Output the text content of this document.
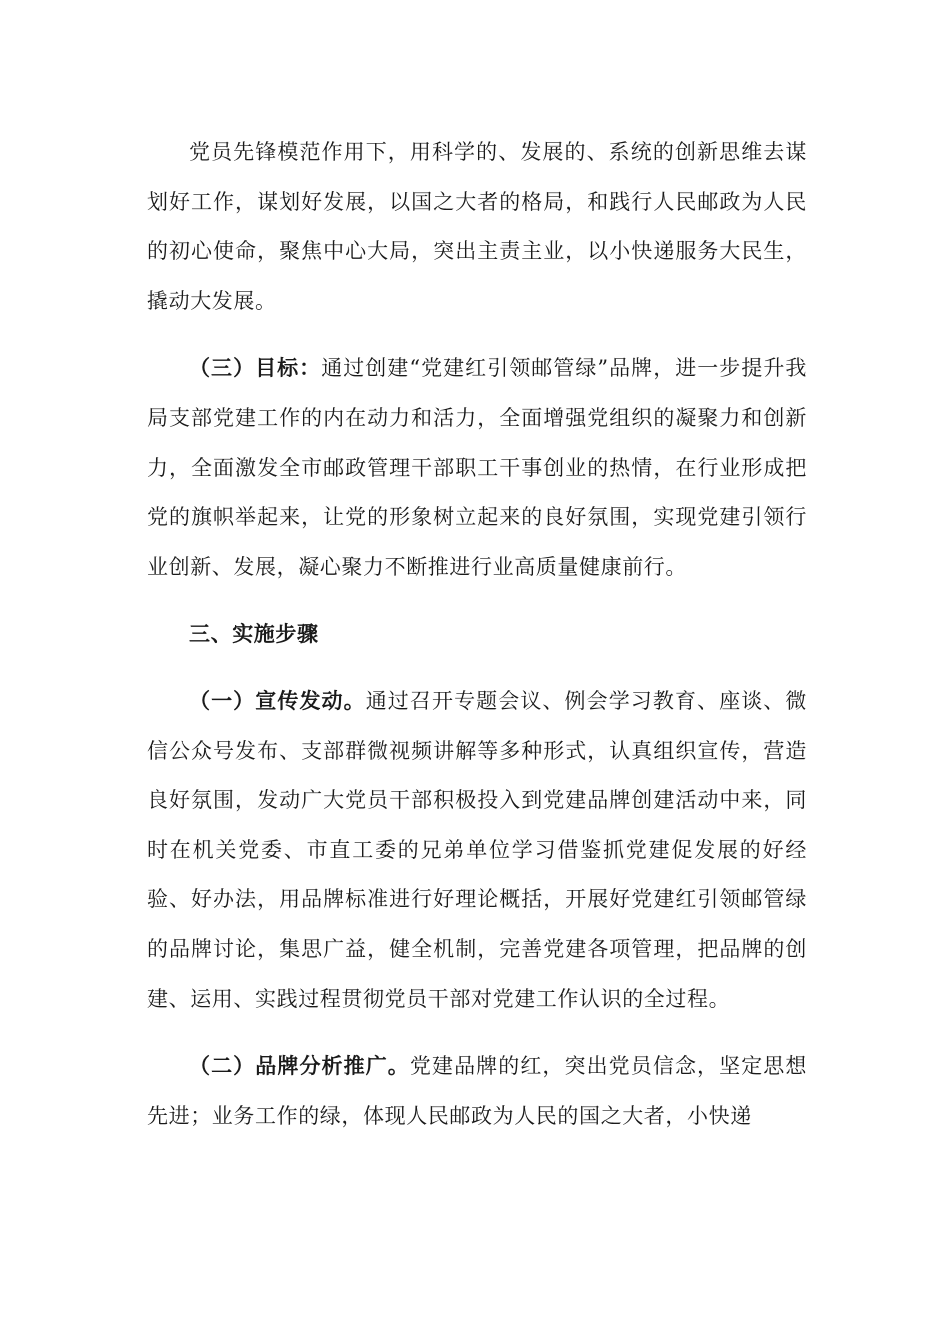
党员先锋模范作用下，用科学的、发展的、系统的创新思维去谋划好工作，谋划好发展，以国之大者的格局，和践行人民邮政为人民的初心使命，聚焦中心大局，突出主责主业，以小快递服务大民生，撬动大发展。

（三）目标：通过创建“党建红引领邮管绿”品牌，进一步提升我局支部党建工作的内在动力和活力，全面增强党组织的凝聚力和创新力，全面激发全市邮政管理干部职工干事创业的热情，在行业形成把党的旗帜举起来，让党的形象树立起来的良好氛围，实现党建引领行业创新、发展，凝心聚力不断推进行业高质量健康前行。

三、实施步骤

（一）宣传发动。通过召开专题会议、例会学习教育、座谈、微信公众号发布、支部群微视频讲解等多种形式，认真组织宣传，营造良好氛围，发动广大党员干部积极投入到党建品牌创建活动中来，同时在机关党委、市直工委的兄弟单位学习借鉴抓党建促发展的好经验、好办法，用品牌标准进行好理论概括，开展好党建红引领邮管绿的品牌讨论，集思广益，健全机制，完善党建各项管理，把品牌的创建、运用、实践过程贯彻党员干部对党建工作认识的全过程。

（二）品牌分析推广。党建品牌的红，突出党员信念，坚定思想先进；业务工作的绿，体现人民邮政为人民的国之大者，小快递
